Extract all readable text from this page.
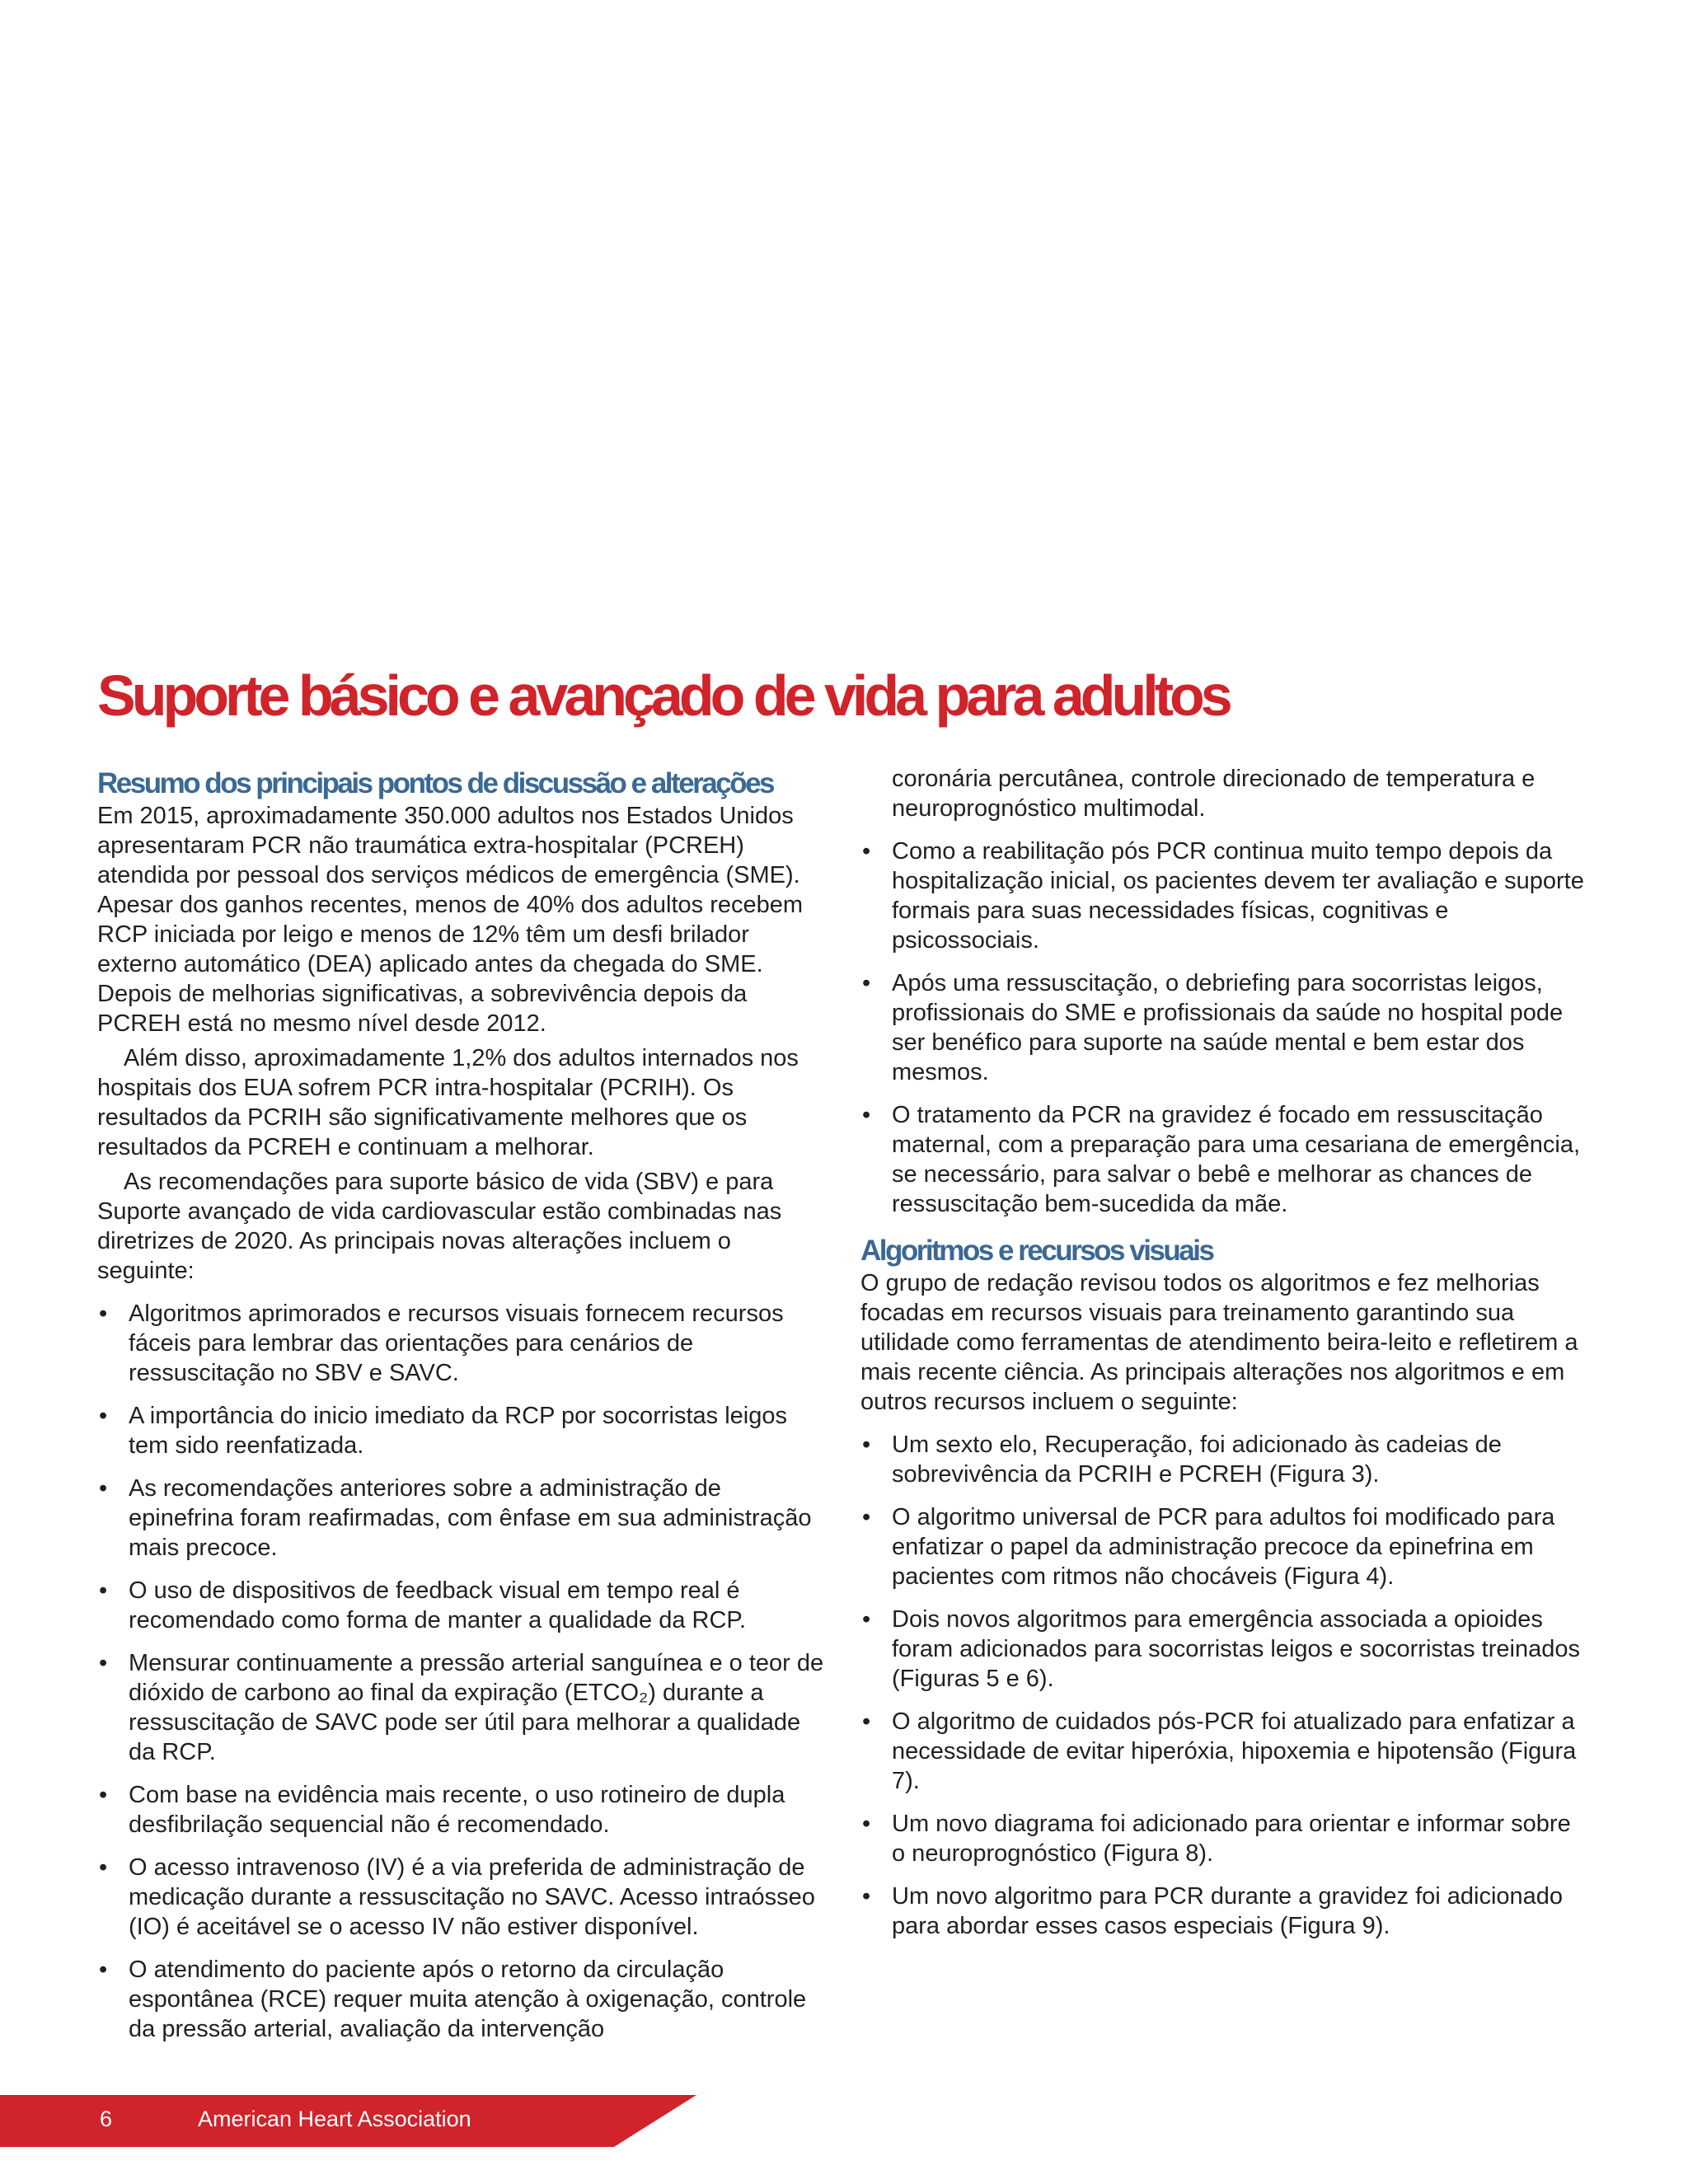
Suporte básico e avançado de vida para adultos
Resumo dos principais pontos de discussão e alterações

Em 2015, aproximadamente 350.000 adultos nos Estados Unidos apresentaram PCR não traumática extra-hospitalar (PCREH) atendida por pessoal dos serviços médicos de emergência (SME). Apesar dos ganhos recentes, menos de 40% dos adultos recebem RCP iniciada por leigo e menos de 12% têm um desfi brilador externo automático (DEA) aplicado antes da chegada do SME. Depois de melhorias significativas, a sobrevivência depois da PCREH está no mesmo nível desde 2012.

Além disso, aproximadamente 1,2% dos adultos internados nos hospitais dos EUA sofrem PCR intra-hospitalar (PCRIH). Os resultados da PCRIH são significativamente melhores que os resultados da PCREH e continuam a melhorar.

As recomendações para suporte básico de vida (SBV) e para Suporte avançado de vida cardiovascular estão combinadas nas diretrizes de 2020. As principais novas alterações incluem o seguinte:

• Algoritmos aprimorados e recursos visuais fornecem recursos fáceis para lembrar das orientações para cenários de ressuscitação no SBV e SAVC.
• A importância do inicio imediato da RCP por socorristas leigos tem sido reenfatizada.
• As recomendações anteriores sobre a administração de epinefrina foram reafirmadas, com ênfase em sua administração mais precoce.
• O uso de dispositivos de feedback visual em tempo real é recomendado como forma de manter a qualidade da RCP.
• Mensurar continuamente a pressão arterial sanguínea e o teor de dióxido de carbono ao final da expiração (ETCO₂) durante a ressuscitação de SAVC pode ser útil para melhorar a qualidade da RCP.
• Com base na evidência mais recente, o uso rotineiro de dupla desfibrilação sequencial não é recomendado.
• O acesso intravenoso (IV) é a via preferida de administração de medicação durante a ressuscitação no SAVC. Acesso intraósseo (IO) é aceitável se o acesso IV não estiver disponível.
• O atendimento do paciente após o retorno da circulação espontânea (RCE) requer muita atenção à oxigenação, controle da pressão arterial, avaliação da intervenção

coronária percutânea, controle direcionado de temperatura e neuroprognóstico multimodal.

• Como a reabilitação pós PCR continua muito tempo depois da hospitalização inicial, os pacientes devem ter avaliação e suporte formais para suas necessidades físicas, cognitivas e psicossociais.
• Após uma ressuscitação, o debriefing para socorristas leigos, profissionais do SME e profissionais da saúde no hospital pode ser benéfico para suporte na saúde mental e bem estar dos mesmos.
• O tratamento da PCR na gravidez é focado em ressuscitação maternal, com a preparação para uma cesariana de emergência, se necessário, para salvar o bebê e melhorar as chances de ressuscitação bem-sucedida da mãe.
Algoritmos e recursos visuais

O grupo de redação revisou todos os algoritmos e fez melhorias focadas em recursos visuais para treinamento garantindo sua utilidade como ferramentas de atendimento beira-leito e refletirem a mais recente ciência. As principais alterações nos algoritmos e em outros recursos incluem o seguinte:

• Um sexto elo, Recuperação, foi adicionado às cadeias de sobrevivência da PCRIH e PCREH (Figura 3).
• O algoritmo universal de PCR para adultos foi modificado para enfatizar o papel da administração precoce da epinefrina em pacientes com ritmos não chocáveis (Figura 4).
• Dois novos algoritmos para emergência associada a opioides foram adicionados para socorristas leigos e socorristas treinados (Figuras 5 e 6).
• O algoritmo de cuidados pós-PCR foi atualizado para enfatizar a necessidade de evitar hiperóxia, hipoxemia e hipotensão (Figura 7).
• Um novo diagrama foi adicionado para orientar e informar sobre o neuroprognóstico (Figura 8).
• Um novo algoritmo para PCR durante a gravidez foi adicionado para abordar esses casos especiais (Figura 9).
6	American Heart Association
